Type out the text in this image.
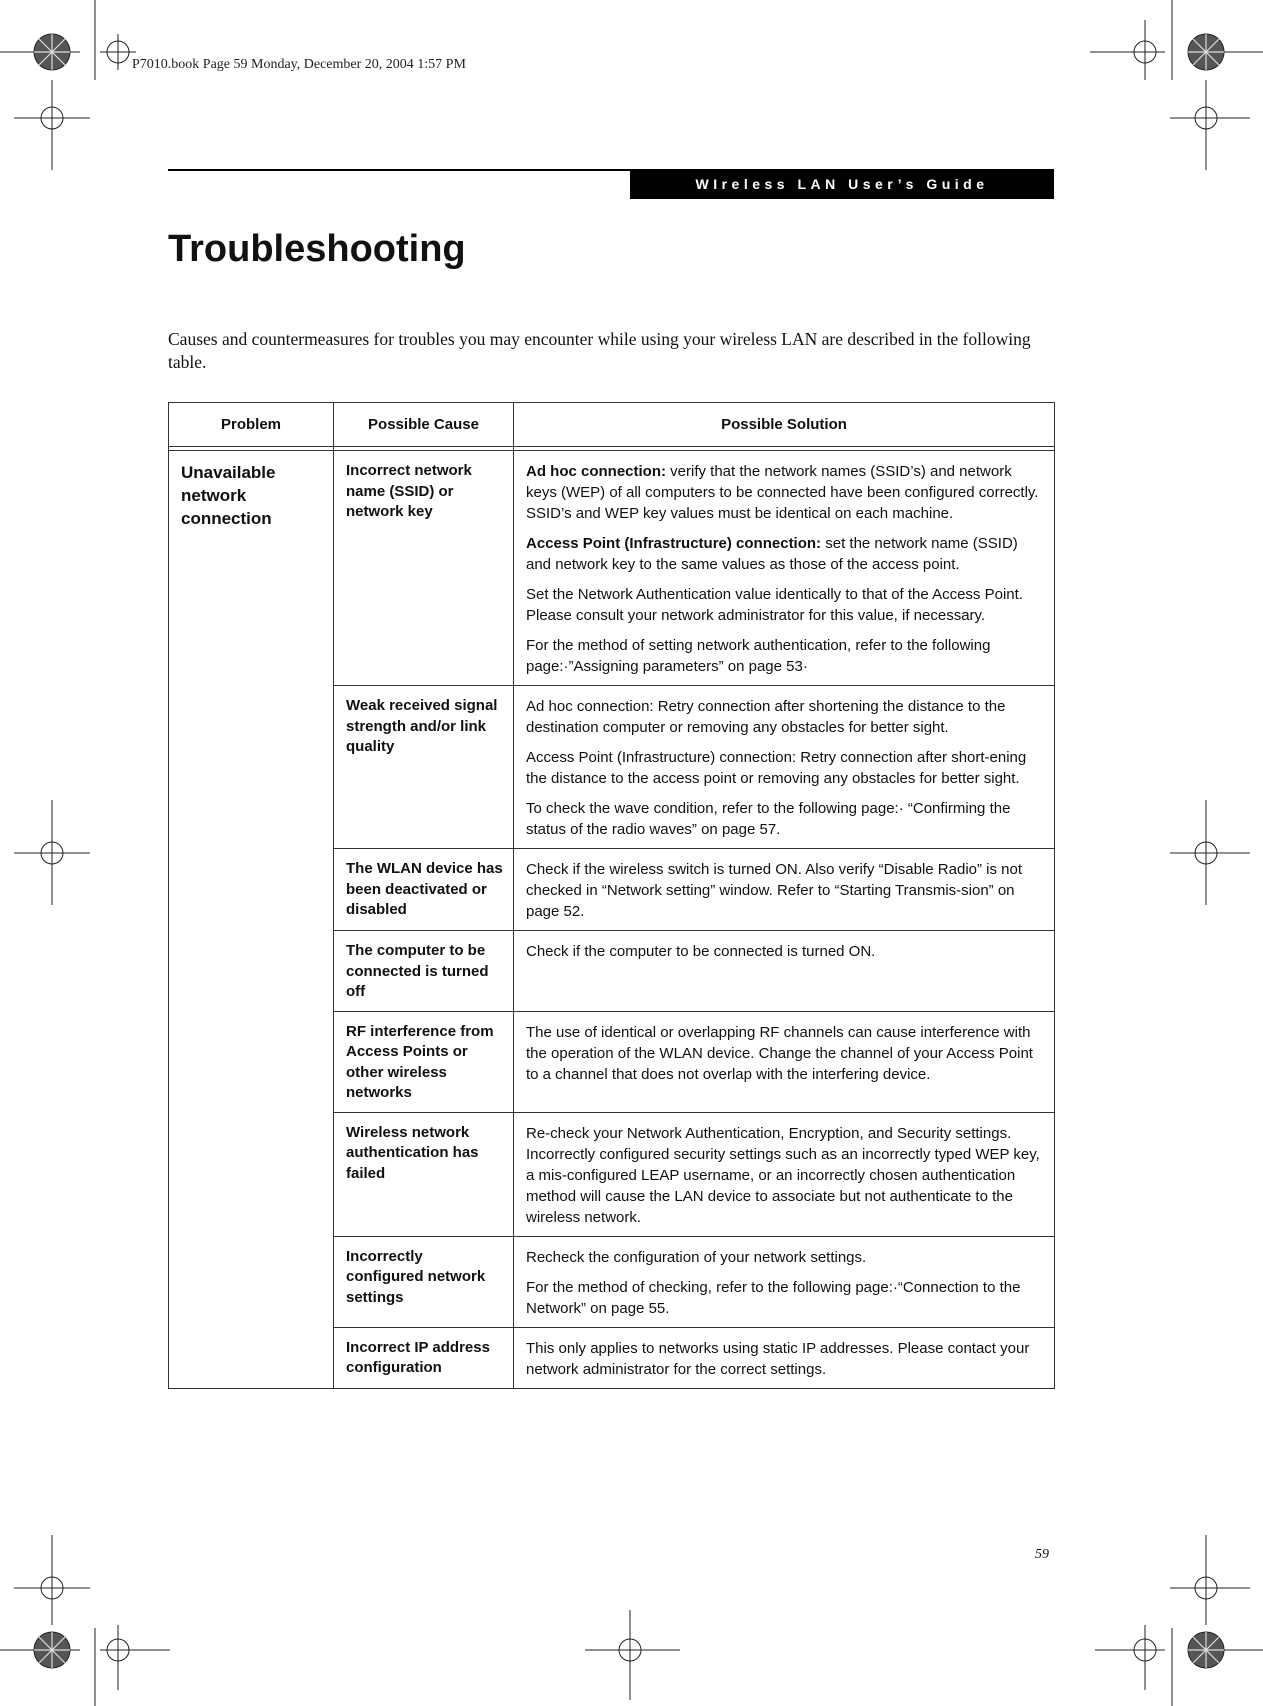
P7010.book Page 59 Monday, December 20, 2004 1:57 PM
WIreless LAN User’s Guide
Troubleshooting

Causes and countermeasures for troubles you may encounter while using your wireless LAN are described in the following table.

Problem	Possible Cause	Possible Solution

Unavailable network connection	Incorrect network name (SSID) or network key	Ad hoc connection: verify that the network names (SSID’s) and network keys (WEP) of all computers to be connected have been configured correctly. SSID’s and WEP key values must be identical on each machine.

Access Point (Infrastructure) connection: set the network name (SSID) and network key to the same values as those of the access point.

Set the Network Authentication value identically to that of the Access Point. Please consult your network administrator for this value, if necessary.

For the method of setting network authentication, refer to the following page:·”Assigning parameters” on page 53·

	Weak received signal strength and/or link quality	Ad hoc connection: Retry connection after shortening the distance to the destination computer or removing any obstacles for better sight.

Access Point (Infrastructure) connection: Retry connection after short-ening the distance to the access point or removing any obstacles for better sight.

To check the wave condition, refer to the following page:· “Confirming the status of the radio waves” on page 57.

	The WLAN device has been deactivated or disabled	Check if the wireless switch is turned ON. Also verify “Disable Radio” is not checked in “Network setting” window. Refer to “Starting Transmis-sion” on page 52.

	The computer to be connected is turned off	Check if the computer to be connected is turned ON.

	RF interference from Access Points or other wireless networks	The use of identical or overlapping RF channels can cause interference with the operation of the WLAN device. Change the channel of your Access Point to a channel that does not overlap with the interfering device.

	Wireless network authentication has failed	Re-check your Network Authentication, Encryption, and Security settings. Incorrectly configured security settings such as an incorrectly typed WEP key, a mis-configured LEAP username, or an incorrectly chosen authentication method will cause the LAN device to associate but not authenticate to the wireless network.

	Incorrectly configured network settings	Recheck the configuration of your network settings.

For the method of checking, refer to the following page:·“Connection to the Network” on page 55.

	Incorrect IP address configuration	This only applies to networks using static IP addresses. Please contact your network administrator for the correct settings.

59
